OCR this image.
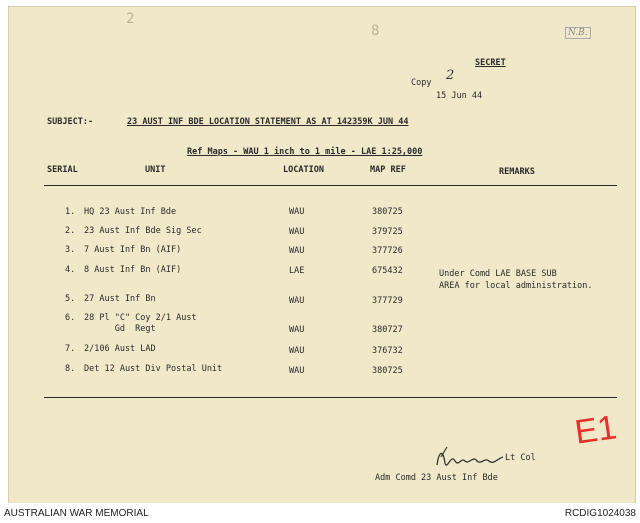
2
8	N.B.
SECRET
Copy 2
15 Jun 44
SUBJECT:-	23 AUST INF BDE LOCATION STATEMENT AS AT 142359K JUN 44
Ref Maps - WAU 1 inch to 1 mile - LAE 1:25,000
SERIAL	UNIT	LOCATION	MAP REF	REMARKS
1. HQ 23 Aust Inf Bde	WAU	380725
2. 23 Aust Inf Bde Sig Sec	WAU	379725
3. 7 Aust Inf Bn (AIF)	WAU	377726
4. 8 Aust Inf Bn (AIF)	LAE	675432	Under Comd LAE BASE SUB
AREA for local administration.
5. 27 Aust Inf Bn	WAU	377729
6. 28 Pl "C" Coy 2/1 Aust
Gd  Regt	WAU	380727
7. 2/106 Aust LAD	WAU	376732
8. Det 12 Aust Div Postal Unit	WAU	380725
E1
Lt Col
Adm Comd 23 Aust Inf Bde
AUSTRALIAN WAR MEMORIAL	RCDIG1024038
